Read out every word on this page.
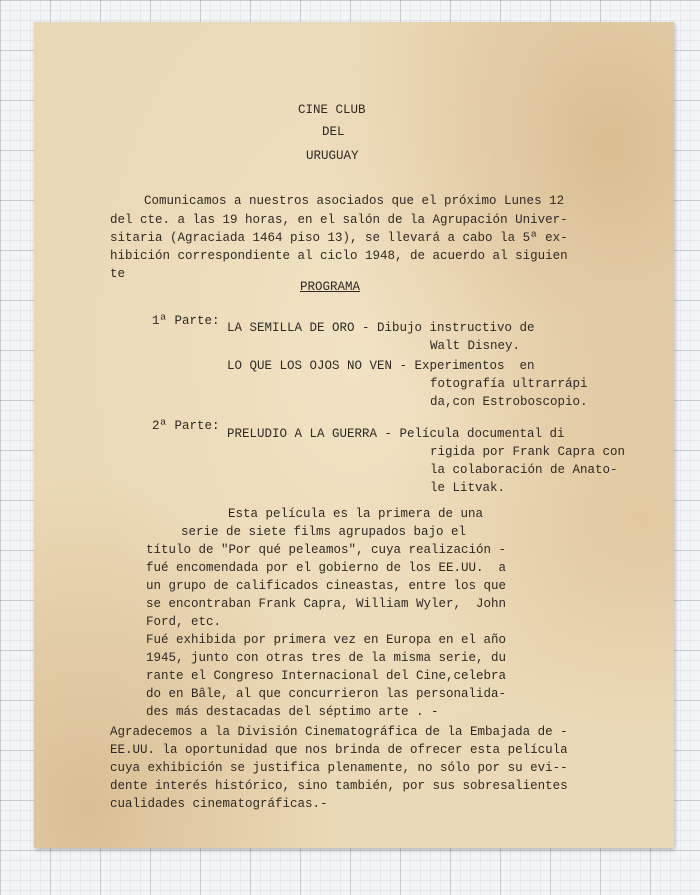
CINE CLUB
DEL
URUGUAY
Comunicamos a nuestros asociados que el próximo Lunes 12
del cte. a las 19 horas, en el salón de la Agrupación Univer-
sitaria (Agraciada 1464 piso 13), se llevará a cabo la 5ª ex-
hibición correspondiente al ciclo 1948, de acuerdo al siguien
te
PROGRAMA
1ª Parte: LA SEMILLA DE ORO - Dibujo instructivo de
Walt Disney.
LO QUE LOS OJOS NO VEN - Experimentos  en
fotografía ultrarrápi
da,con Estroboscopio.
2ª Parte:
PRELUDIO A LA GUERRA - Película documental di
rigida por Frank Capra con
la colaboración de Anato-
le Litvak.
Esta película es la primera de una
serie de siete films agrupados bajo el
título de "Por qué peleamos", cuya realización -
fué encomendada por el gobierno de los EE.UU.  a
un grupo de calificados cineastas, entre los que
se encontraban Frank Capra, William Wyler,  John
Ford, etc.
Fué exhibida por primera vez en Europa en el año
1945, junto con otras tres de la misma serie, du
rante el Congreso Internacional del Cine,celebra
do en Bâle, al que concurrieron las personalida-
des más destacadas del séptimo arte . -
Agradecemos a la División Cinematográfica de la Embajada de -
EE.UU. la oportunidad que nos brinda de ofrecer esta película
cuya exhibición se justifica plenamente, no sólo por su evi--
dente interés histórico, sino también, por sus sobresalientes
cualidades cinematográficas.-
